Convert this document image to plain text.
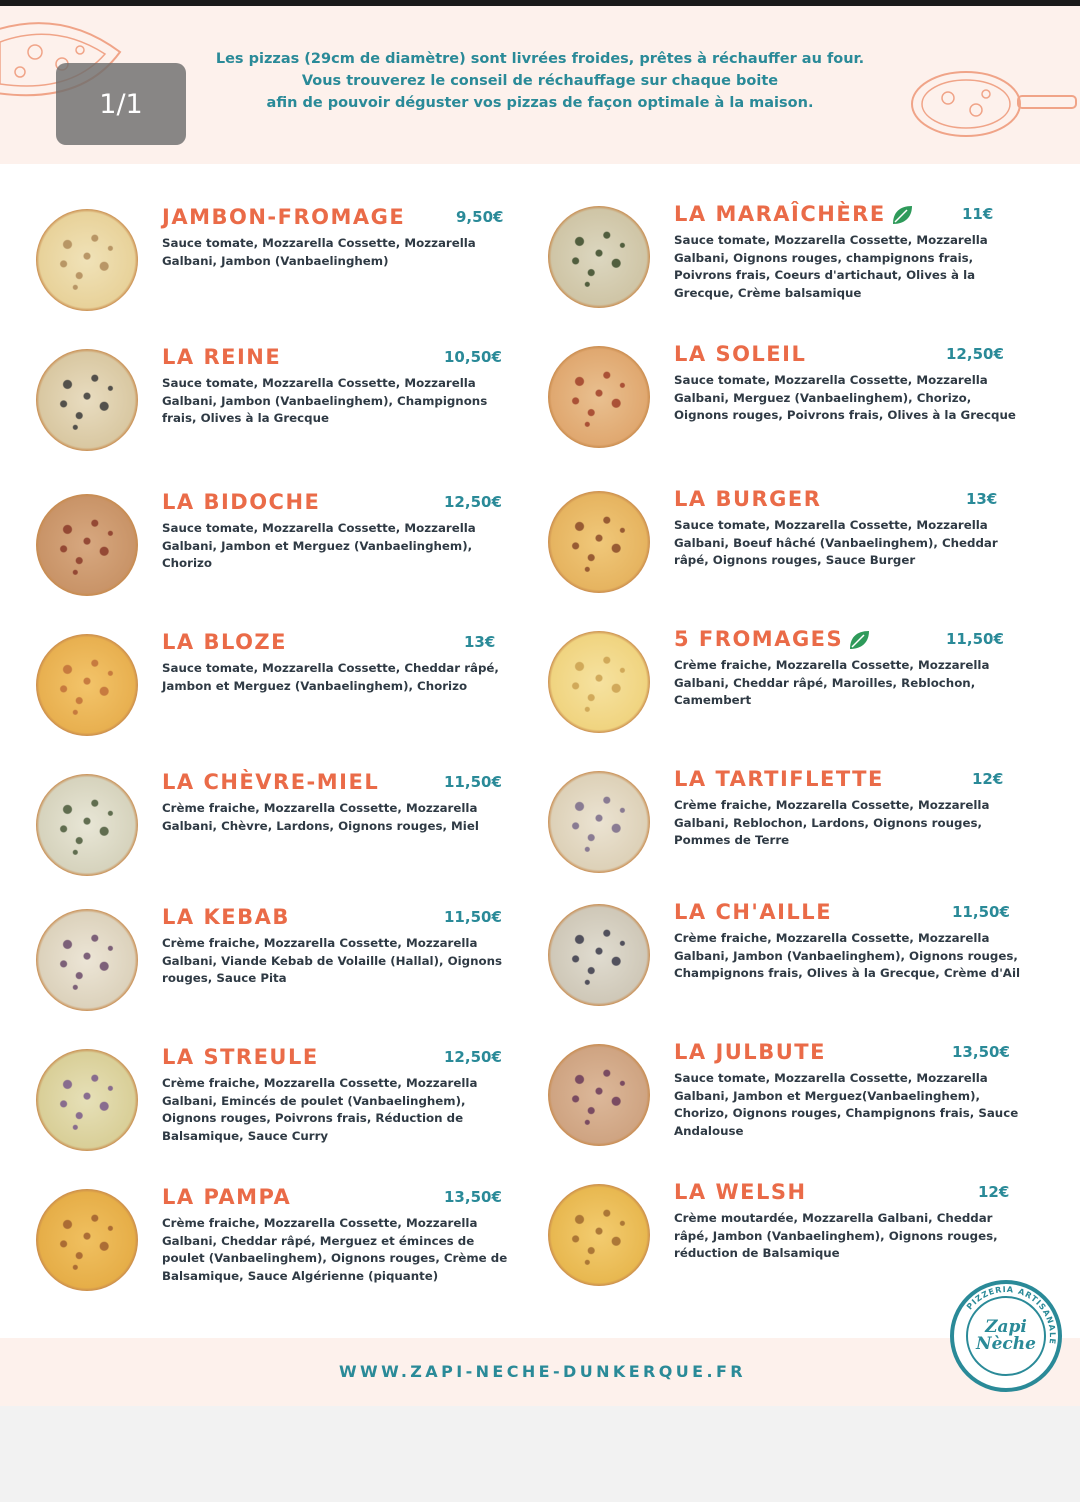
Les pizzas (29cm de diamètre) sont livrées froides, prêtes à réchauffer au four.
Vous trouverez le conseil de réchauffage sur chaque boite
afin de pouvoir déguster vos pizzas de façon optimale à la maison.
1/1
JAMBON-FROMAGE	9,50€
Sauce tomate, Mozzarella Cossette, Mozzarella Galbani, Jambon (Vanbaelinghem)
LA REINE	10,50€
Sauce tomate, Mozzarella Cossette, Mozzarella Galbani, Jambon (Vanbaelinghem), Champignons frais, Olives à la Grecque
LA BIDOCHE	12,50€
Sauce tomate, Mozzarella Cossette, Mozzarella Galbani, Jambon et Merguez (Vanbaelinghem), Chorizo
LA BLOZE	13€
Sauce tomate, Mozzarella Cossette, Cheddar râpé, Jambon et Merguez (Vanbaelinghem), Chorizo
LA CHÈVRE-MIEL	11,50€
Crème fraiche, Mozzarella Cossette, Mozzarella Galbani, Chèvre, Lardons, Oignons rouges, Miel
LA KEBAB	11,50€
Crème fraiche, Mozzarella Cossette, Mozzarella Galbani, Viande Kebab de Volaille (Hallal), Oignons rouges, Sauce Pita
LA STREULE	12,50€
Crème fraiche, Mozzarella Cossette, Mozzarella Galbani, Emincés de poulet (Vanbaelinghem), Oignons rouges, Poivrons frais, Réduction de Balsamique, Sauce Curry
LA PAMPA	13,50€
Crème fraiche, Mozzarella Cossette, Mozzarella Galbani, Cheddar râpé, Merguez et éminces de poulet (Vanbaelinghem), Oignons rouges, Crème de Balsamique, Sauce Algérienne (piquante)
LA MARAÎCHÈRE	11€
Sauce tomate, Mozzarella Cossette, Mozzarella Galbani, Oignons rouges, champignons frais, Poivrons frais, Coeurs d'artichaut, Olives à la Grecque, Crème balsamique
LA SOLEIL	12,50€
Sauce tomate, Mozzarella Cossette, Mozzarella Galbani, Merguez (Vanbaelinghem), Chorizo, Oignons rouges, Poivrons frais, Olives à la Grecque
LA BURGER	13€
Sauce tomate, Mozzarella Cossette, Mozzarella Galbani, Boeuf hâché (Vanbaelinghem), Cheddar râpé, Oignons rouges, Sauce Burger
5 FROMAGES	11,50€
Crème fraiche, Mozzarella Cossette, Mozzarella Galbani, Cheddar râpé, Maroilles, Reblochon, Camembert
LA TARTIFLETTE	12€
Crème fraiche, Mozzarella Cossette, Mozzarella Galbani, Reblochon, Lardons, Oignons rouges, Pommes de Terre
LA CH'AILLE	11,50€
Crème fraiche, Mozzarella Cossette, Mozzarella Galbani, Jambon (Vanbaelinghem), Oignons rouges, Champignons frais, Olives à la Grecque, Crème d'Ail
LA JULBUTE	13,50€
Sauce tomate, Mozzarella Cossette, Mozzarella Galbani, Jambon et Merguez(Vanbaelinghem), Chorizo, Oignons rouges, Champignons frais, Sauce Andalouse
LA WELSH	12€
Crème moutardée, Mozzarella Galbani, Cheddar râpé, Jambon (Vanbaelinghem), Oignons rouges, réduction de Balsamique
WWW.ZAPI-NECHE-DUNKERQUE.FR
PIZZERIA ARTISANALE
Zapi
Nèche
